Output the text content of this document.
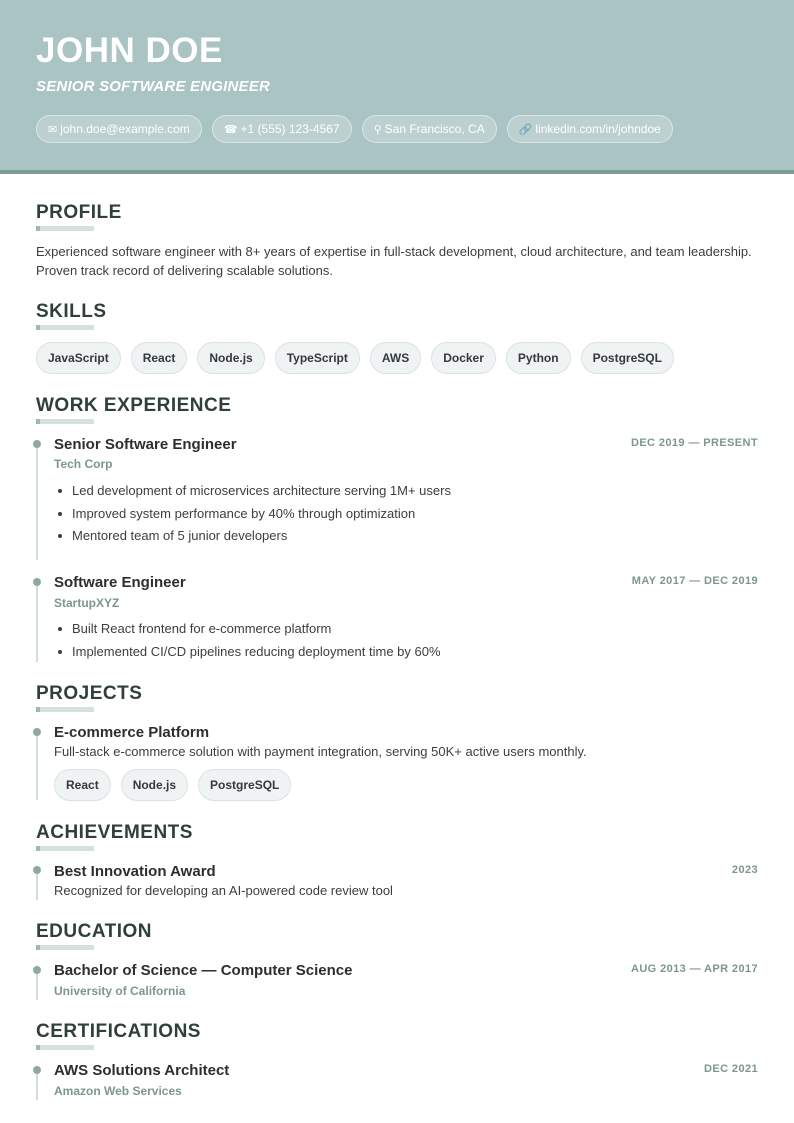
JOHN DOE
SENIOR SOFTWARE ENGINEER
✉ john.doe@example.com	☎ +1 (555) 123-4567	⚲ San Francisco, CA	🔗 linkedin.com/in/johndoe
PROFILE
Experienced software engineer with 8+ years of expertise in full-stack development, cloud architecture, and team leadership. Proven track record of delivering scalable solutions.
SKILLS
JavaScript	React	Node.js	TypeScript	AWS	Docker	Python	PostgreSQL
WORK EXPERIENCE
Senior Software Engineer	DEC 2019 — PRESENT
Tech Corp
Led development of microservices architecture serving 1M+ users
Improved system performance by 40% through optimization
Mentored team of 5 junior developers
Software Engineer	MAY 2017 — DEC 2019
StartupXYZ
Built React frontend for e-commerce platform
Implemented CI/CD pipelines reducing deployment time by 60%
PROJECTS
E-commerce Platform
Full-stack e-commerce solution with payment integration, serving 50K+ active users monthly.
React	Node.js	PostgreSQL
ACHIEVEMENTS
Best Innovation Award	2023
Recognized for developing an AI-powered code review tool
EDUCATION
Bachelor of Science — Computer Science	AUG 2013 — APR 2017
University of California
CERTIFICATIONS
AWS Solutions Architect	DEC 2021
Amazon Web Services
